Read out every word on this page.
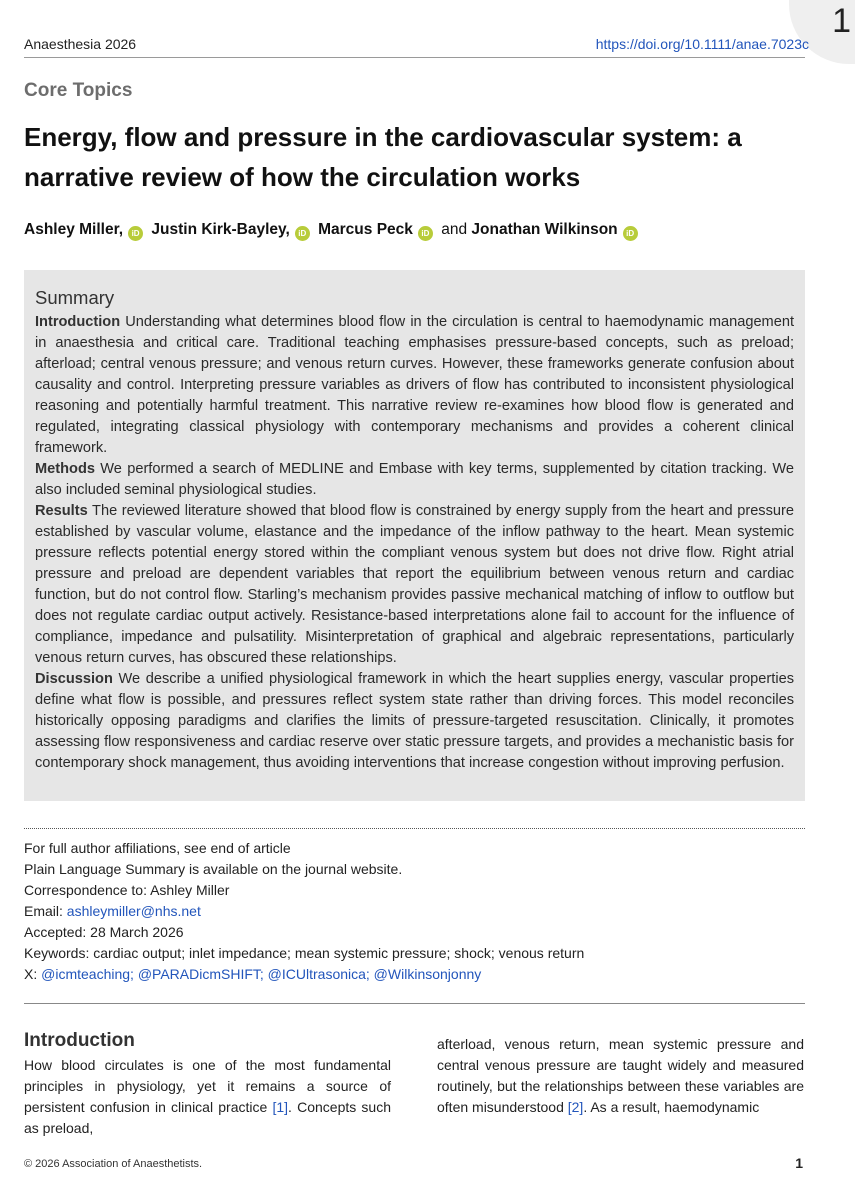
1
Anaesthesia 2026	https://doi.org/10.1111/anae.7023с
Core Topics
Energy, flow and pressure in the cardiovascular system: a narrative review of how the circulation works
Ashley Miller, iD Justin Kirk-Bayley, iD Marcus Peck iD and Jonathan Wilkinson iD
Summary

Introduction Understanding what determines blood flow in the circulation is central to haemodynamic management in anaesthesia and critical care. Traditional teaching emphasises pressure-based concepts, such as preload; afterload; central venous pressure; and venous return curves. However, these frameworks generate confusion about causality and control. Interpreting pressure variables as drivers of flow has contributed to inconsistent physiological reasoning and potentially harmful treatment. This narrative review re-examines how blood flow is generated and regulated, integrating classical physiology with contemporary mechanisms and provides a coherent clinical framework.

Methods We performed a search of MEDLINE and Embase with key terms, supplemented by citation tracking. We also included seminal physiological studies.

Results The reviewed literature showed that blood flow is constrained by energy supply from the heart and pressure established by vascular volume, elastance and the impedance of the inflow pathway to the heart. Mean systemic pressure reflects potential energy stored within the compliant venous system but does not drive flow. Right atrial pressure and preload are dependent variables that report the equilibrium between venous return and cardiac function, but do not control flow. Starling’s mechanism provides passive mechanical matching of inflow to outflow but does not regulate cardiac output actively. Resistance-based interpretations alone fail to account for the influence of compliance, impedance and pulsatility. Misinterpretation of graphical and algebraic representations, particularly venous return curves, has obscured these relationships.

Discussion We describe a unified physiological framework in which the heart supplies energy, vascular properties define what flow is possible, and pressures reflect system state rather than driving forces. This model reconciles historically opposing paradigms and clarifies the limits of pressure-targeted resuscitation. Clinically, it promotes assessing flow responsiveness and cardiac reserve over static pressure targets, and provides a mechanistic basis for contemporary shock management, thus avoiding interventions that increase congestion without improving perfusion.

For full author affiliations, see end of article
Plain Language Summary is available on the journal website.
Correspondence to: Ashley Miller
Email: ashleymiller@nhs.net
Accepted: 28 March 2026
Keywords: cardiac output; inlet impedance; mean systemic pressure; shock; venous return
X: @icmteaching; @PARADicmSHIFT; @ICUltrasonica; @Wilkinsonjonny
Introduction
How blood circulates is one of the most fundamental principles in physiology, yet it remains a source of persistent confusion in clinical practice [1]. Concepts such as preload,
afterload, venous return, mean systemic pressure and central venous pressure are taught widely and measured routinely, but the relationships between these variables are often misunderstood [2]. As a result, haemodynamic
© 2026 Association of Anaesthetists.	1
